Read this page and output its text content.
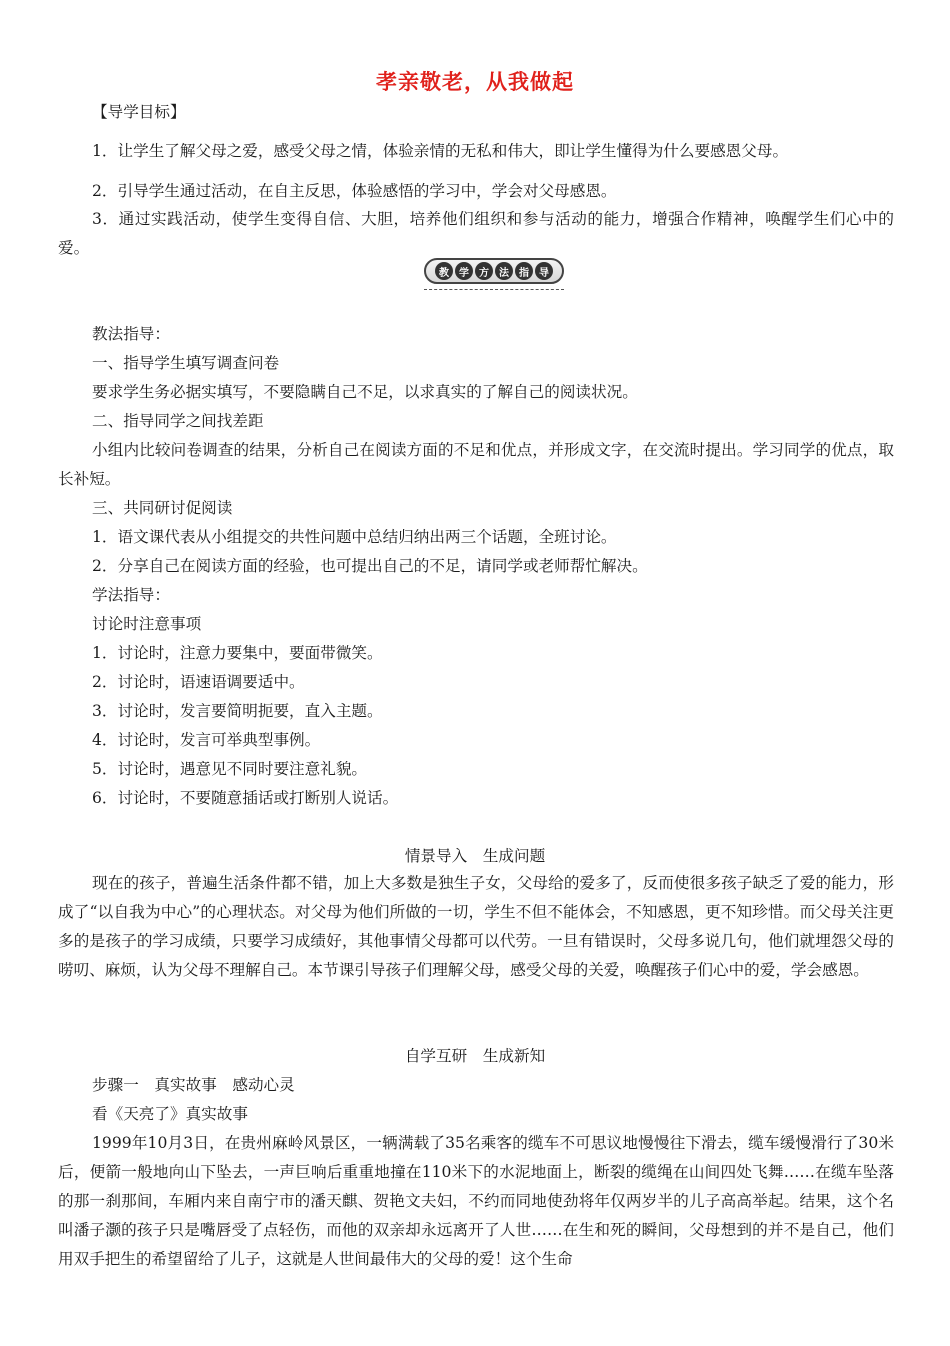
孝亲敬老，从我做起
【导学目标】
1．让学生了解父母之爱，感受父母之情，体验亲情的无私和伟大，即让学生懂得为什么要感恩父母。
2．引导学生通过活动，在自主反思，体验感悟的学习中，学会对父母感恩。
3．通过实践活动，使学生变得自信、大胆，培养他们组织和参与活动的能力，增强合作精神，唤醒学生们心中的爱。
教	学	方	法	指	导
教法指导：
一、指导学生填写调查问卷
要求学生务必据实填写，不要隐瞒自己不足，以求真实的了解自己的阅读状况。
二、指导同学之间找差距
小组内比较问卷调查的结果，分析自己在阅读方面的不足和优点，并形成文字，在交流时提出。学习同学的优点，取长补短。
三、共同研讨促阅读
1．语文课代表从小组提交的共性问题中总结归纳出两三个话题，全班讨论。
2．分享自己在阅读方面的经验，也可提出自己的不足，请同学或老师帮忙解决。
学法指导：
讨论时注意事项
1．讨论时，注意力要集中，要面带微笑。
2．讨论时，语速语调要适中。
3．讨论时，发言要简明扼要，直入主题。
4．讨论时，发言可举典型事例。
5．讨论时，遇意见不同时要注意礼貌。
6．讨论时，不要随意插话或打断别人说话。
情景导入　生成问题
现在的孩子，普遍生活条件都不错，加上大多数是独生子女，父母给的爱多了，反而使很多孩子缺乏了爱的能力，形成了“以自我为中心”的心理状态。对父母为他们所做的一切，学生不但不能体会，不知感恩，更不知珍惜。而父母关注更多的是孩子的学习成绩，只要学习成绩好，其他事情父母都可以代劳。一旦有错误时，父母多说几句，他们就埋怨父母的唠叨、麻烦，认为父母不理解自己。本节课引导孩子们理解父母，感受父母的关爱，唤醒孩子们心中的爱，学会感恩。
自学互研　生成新知
步骤一　真实故事　感动心灵
看《天亮了》真实故事
1999年10月3日，在贵州麻岭风景区，一辆满载了35名乘客的缆车不可思议地慢慢往下滑去，缆车缓慢滑行了30米后，便箭一般地向山下坠去，一声巨响后重重地撞在110米下的水泥地面上，断裂的缆绳在山间四处飞舞……在缆车坠落的那一刹那间，车厢内来自南宁市的潘天麒、贺艳文夫妇，不约而同地使劲将年仅两岁半的儿子高高举起。结果，这个名叫潘子灏的孩子只是嘴唇受了点轻伤，而他的双亲却永远离开了人世……在生和死的瞬间，父母想到的并不是自己，他们用双手把生的希望留给了儿子，这就是人世间最伟大的父母的爱！这个生命
